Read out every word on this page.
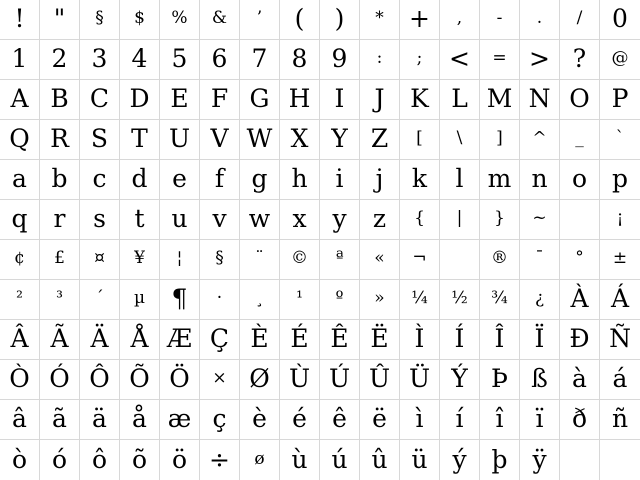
! " § $ % & ’ ( ) * + , - . / 0
1 2 3 4 5 6 7 8 9 : ; < = > ? @
A B C D E F G H I J K L M N O P
Q R S T U V W X Y Z [ \ ] ^ _ `
a b c d e f g h i j k l m n o p
q r s t u v w x y z { | } ~	¡
¢ £ ¤ ¥ ¦ § ¨ © ª « ¬	® ¯ ° ±
² ³ ´ µ ¶ · ¸ ¹ º » ¼ ½ ¾ ¿ À Á
Â Ã Ä Å Æ Ç È É Ê Ë Ì Í Î Ï Ð Ñ
Ò Ó Ô Õ Ö × Ø Ù Ú Û Ü Ý Þ ß à á
â ã ä å æ ç è é ê ë ì í î ï ð ñ
ò ó ô õ ö ÷ ø ù ú û ü ý þ ÿ
